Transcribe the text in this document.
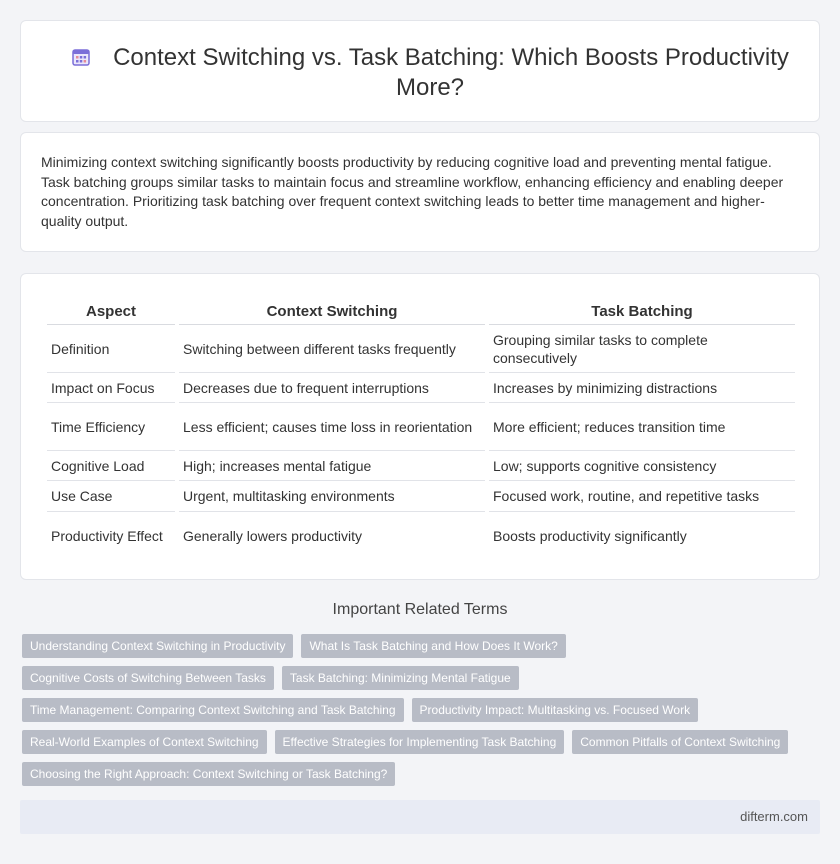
Context Switching vs. Task Batching: Which Boosts Productivity More?

Minimizing context switching significantly boosts productivity by reducing cognitive load and preventing mental fatigue. Task batching groups similar tasks to maintain focus and streamline workflow, enhancing efficiency and enabling deeper concentration. Prioritizing task batching over frequent context switching leads to better time management and higher-quality output.

Aspect	Context Switching	Task Batching
Definition	Switching between different tasks frequently	Grouping similar tasks to complete consecutively
Impact on Focus	Decreases due to frequent interruptions	Increases by minimizing distractions
Time Efficiency	Less efficient; causes time loss in reorientation	More efficient; reduces transition time
Cognitive Load	High; increases mental fatigue	Low; supports cognitive consistency
Use Case	Urgent, multitasking environments	Focused work, routine, and repetitive tasks
Productivity Effect	Generally lowers productivity	Boosts productivity significantly
Important Related Terms
Understanding Context Switching in Productivity	What Is Task Batching and How Does It Work?
Cognitive Costs of Switching Between Tasks	Task Batching: Minimizing Mental Fatigue
Time Management: Comparing Context Switching and Task Batching	Productivity Impact: Multitasking vs. Focused Work
Real-World Examples of Context Switching	Effective Strategies for Implementing Task Batching	Common Pitfalls of Context Switching
Choosing the Right Approach: Context Switching or Task Batching?
difterm.com
